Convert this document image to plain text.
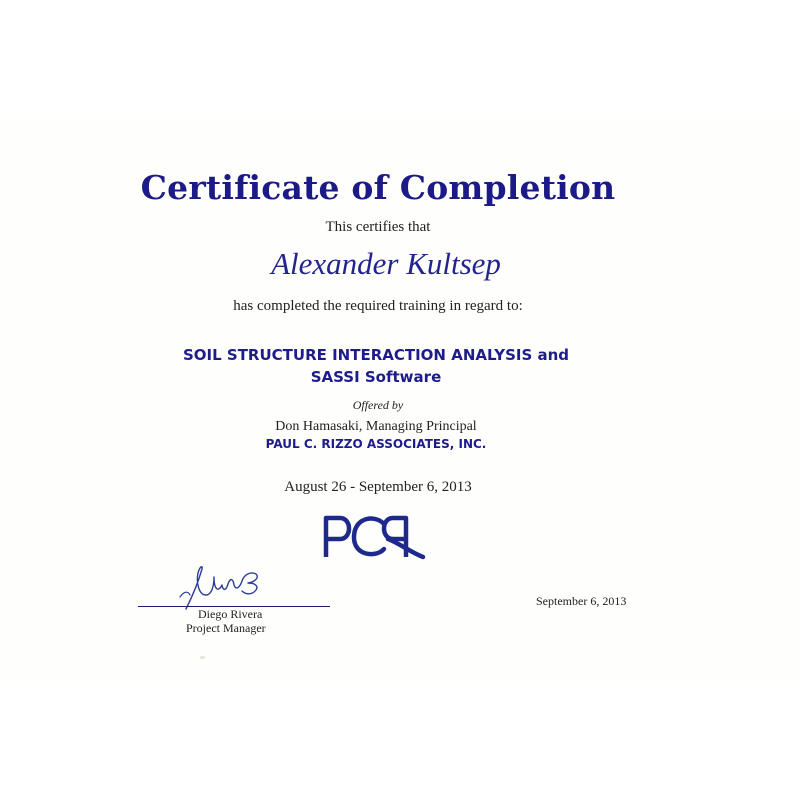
Certificate of Completion
This certifies that
Alexander Kultsep
has completed the required training in regard to:
SOIL STRUCTURE INTERACTION ANALYSIS and
SASSI Software
Offered by
Don Hamasaki, Managing Principal
PAUL C. RIZZO ASSOCIATES, INC.
August 26 - September 6, 2013
Diego Rivera
Project Manager
September 6, 2013
